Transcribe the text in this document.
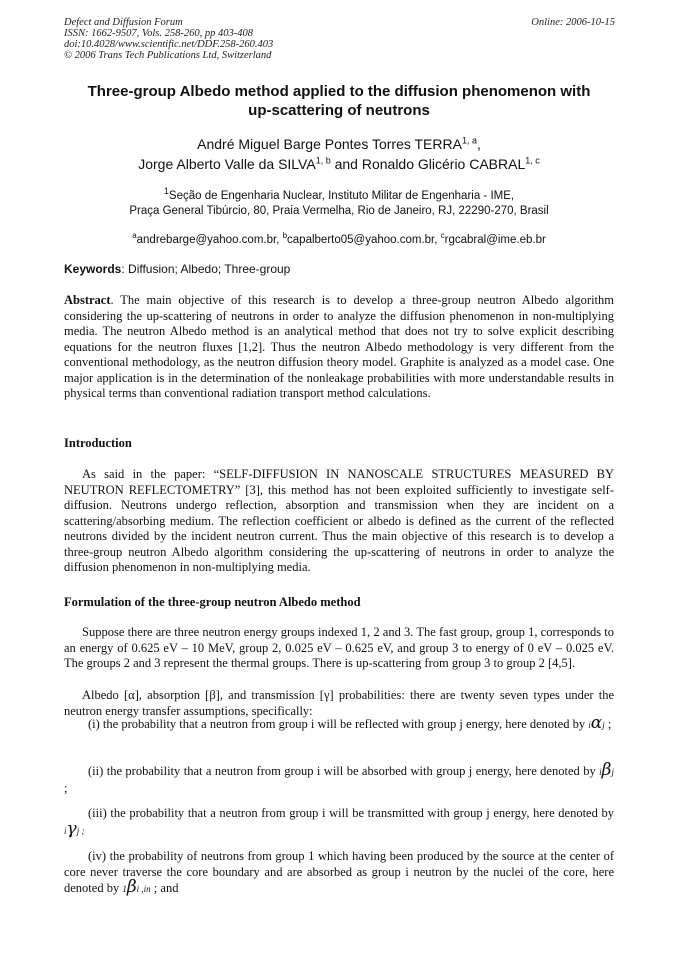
Defect and Diffusion Forum
ISSN: 1662-9507, Vols. 258-260, pp 403-408
doi:10.4028/www.scientific.net/DDF.258-260.403
© 2006 Trans Tech Publications Ltd, Switzerland
Online: 2006-10-15
Three-group Albedo method applied to the diffusion phenomenon with
up-scattering of neutrons
André Miguel Barge Pontes Torres TERRA$^{1, a}$,
Jorge Alberto Valle da SILVA$^{1, b}$ and Ronaldo Glicério CABRAL$^{1, c}$
$^1$Seção de Engenharia Nuclear, Instituto Militar de Engenharia - IME,
Praça General Tibúrcio, 80, Praia Vermelha, Rio de Janeiro, RJ, 22290-270, Brasil
$^a$andrebarge@yahoo.com.br, $^b$capalberto05@yahoo.com.br, $^c$rgcabral@ime.eb.br
Keywords: Diffusion; Albedo; Three-group
Abstract. The main objective of this research is to develop a three-group neutron Albedo algorithm considering the up-scattering of neutrons in order to analyze the diffusion phenomenon in non-multiplying media. The neutron Albedo method is an analytical method that does not try to solve explicit describing equations for the neutron fluxes [1,2]. Thus the neutron Albedo methodology is very different from the conventional methodology, as the neutron diffusion theory model. Graphite is analyzed as a model case. One major application is in the determination of the nonleakage probabilities with more understandable results in physical terms than conventional radiation transport method calculations.
Introduction
As said in the paper: “SELF-DIFFUSION IN NANOSCALE STRUCTURES MEASURED BY NEUTRON REFLECTOMETRY” [3], this method has not been exploited sufficiently to investigate self-diffusion. Neutrons undergo reflection, absorption and transmission when they are incident on a scattering/absorbing medium. The reflection coefficient or albedo is defined as the current of the reflected neutrons divided by the incident neutron current. Thus the main objective of this research is to develop a three-group neutron Albedo algorithm considering the up-scattering of neutrons in order to analyze the diffusion phenomenon in non-multiplying media.
Formulation of the three-group neutron Albedo method
Suppose there are three neutron energy groups indexed 1, 2 and 3. The fast group, group 1, corresponds to an energy of 0.625 eV – 10 MeV, group 2, 0.025 eV – 0.625 eV, and group 3 to energy of 0 eV – 0.025 eV. The groups 2 and 3 represent the thermal groups. There is up-scattering from group 3 to group 2 [4,5].
Albedo [α], absorption [β], and transmission [γ] probabilities: there are twenty seven types under the neutron energy transfer assumptions, specifically:
(i) the probability that a neutron from group i will be reflected with group j energy, here denoted by iαj ;
(ii) the probability that a neutron from group i will be absorbed with group j energy, here denoted by iβj ;
(iii) the probability that a neutron from group i will be transmitted with group j energy, here denoted by iγj ;
(iv) the probability of neutrons from group 1 which having been produced by the source at the center of core never traverse the core boundary and are absorbed as group i neutron by the nuclei of the core, here denoted by 1βi ,in ; and
